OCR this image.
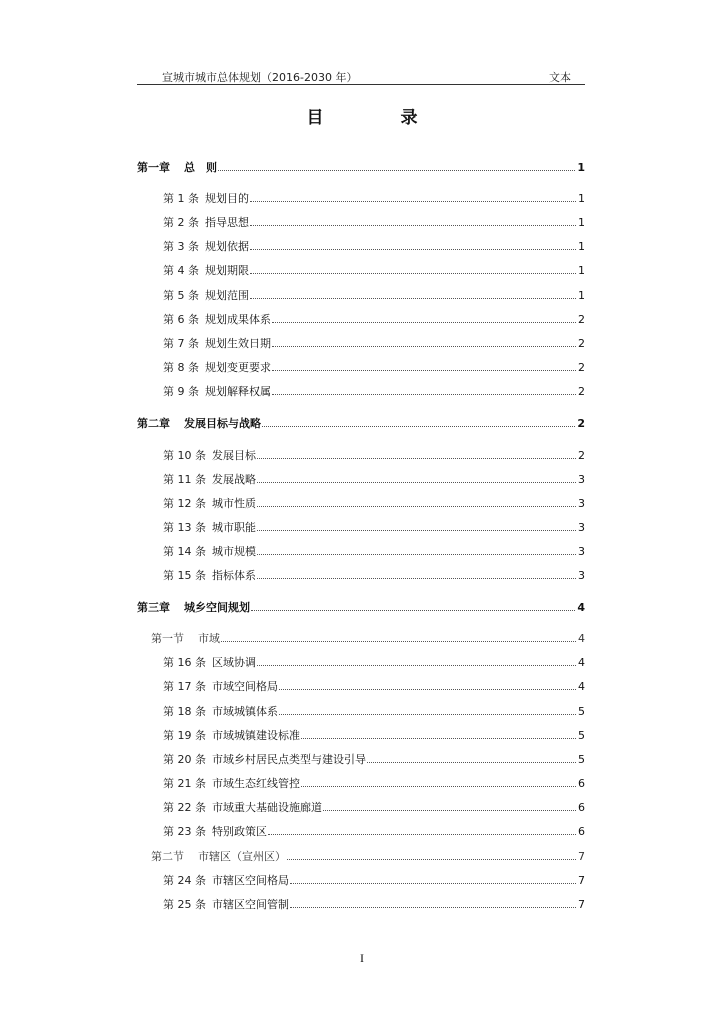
宣城市城市总体规划（2016-2030 年）	文本
目　录
第一章 总　则	1
第 1 条 规划目的	1
第 2 条 指导思想	1
第 3 条 规划依据	1
第 4 条 规划期限	1
第 5 条 规划范围	1
第 6 条 规划成果体系	2
第 7 条 规划生效日期	2
第 8 条 规划变更要求	2
第 9 条 规划解释权属	2
第二章 发展目标与战略	2
第 10 条 发展目标	2
第 11 条 发展战略	3
第 12 条 城市性质	3
第 13 条 城市职能	3
第 14 条 城市规模	3
第 15 条 指标体系	3
第三章 城乡空间规划	4
第一节 市域	4
第 16 条 区域协调	4
第 17 条 市域空间格局	4
第 18 条 市域城镇体系	5
第 19 条 市域城镇建设标准	5
第 20 条 市域乡村居民点类型与建设引导	5
第 21 条 市域生态红线管控	6
第 22 条 市域重大基础设施廊道	6
第 23 条 特别政策区	6
第二节 市辖区（宣州区）	7
第 24 条 市辖区空间格局	7
第 25 条 市辖区空间管制	7
I
